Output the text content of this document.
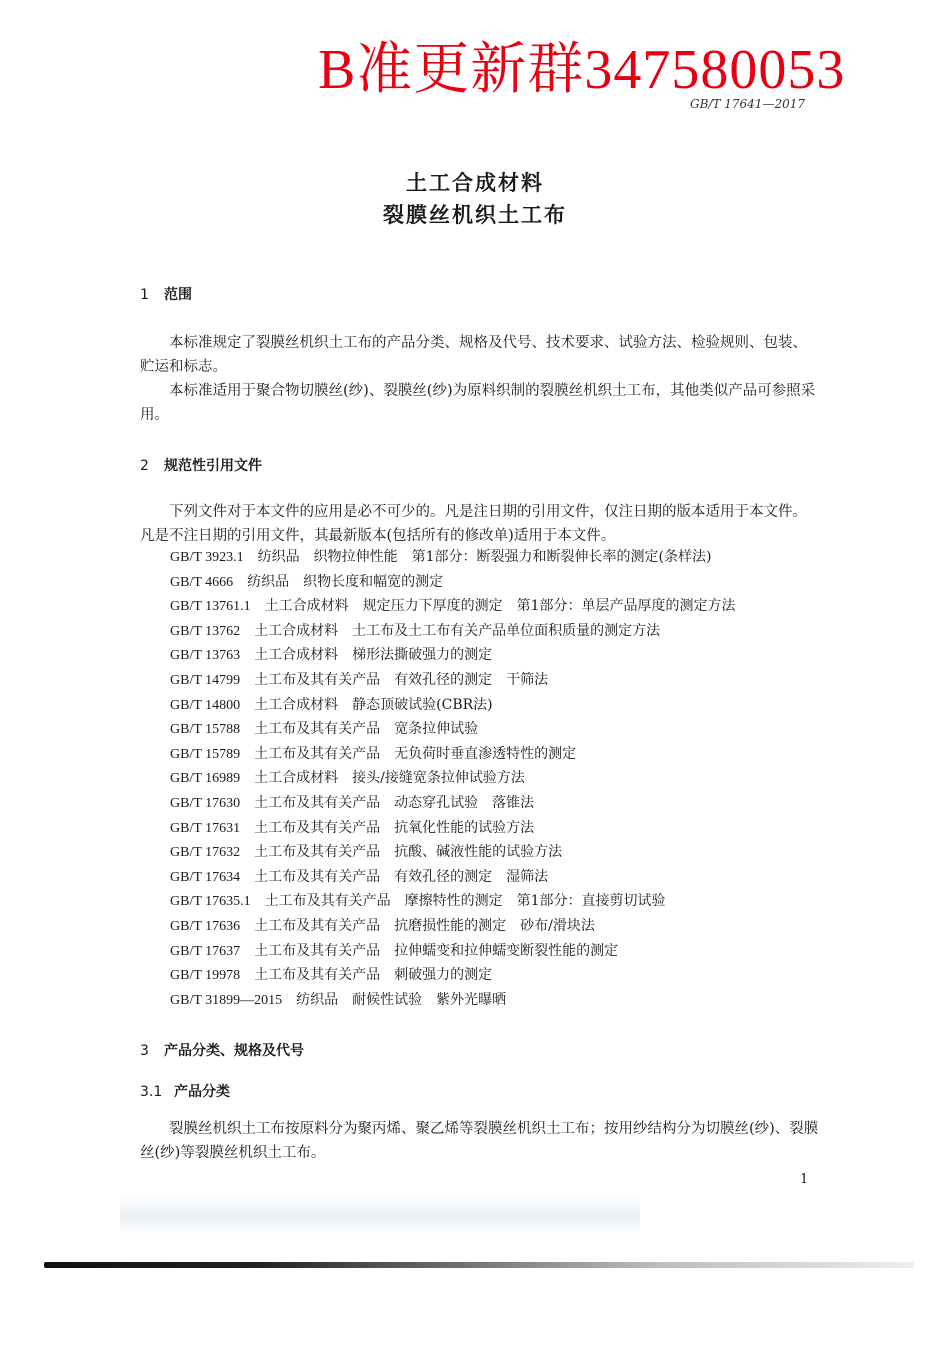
B准更新群347580053
GB/T 17641—2017
土工合成材料
裂膜丝机织土工布
1 范围

本标准规定了裂膜丝机织土工布的产品分类、规格及代号、技术要求、试验方法、检验规则、包装、贮运和标志。

本标准适用于聚合物切膜丝(纱)、裂膜丝(纱)为原料织制的裂膜丝机织土工布，其他类似产品可参照采用。

2 规范性引用文件

下列文件对于本文件的应用是必不可少的。凡是注日期的引用文件，仅注日期的版本适用于本文件。凡是不注日期的引用文件，其最新版本(包括所有的修改单)适用于本文件。

GB/T 3923.1 纺织品　织物拉伸性能　第1部分：断裂强力和断裂伸长率的测定(条样法)
GB/T 4666 纺织品　织物长度和幅宽的测定
GB/T 13761.1 土工合成材料　规定压力下厚度的测定　第1部分：单层产品厚度的测定方法
GB/T 13762 土工合成材料　土工布及土工布有关产品单位面积质量的测定方法
GB/T 13763 土工合成材料　梯形法撕破强力的测定
GB/T 14799 土工布及其有关产品　有效孔径的测定　干筛法
GB/T 14800 土工合成材料　静态顶破试验(CBR法)
GB/T 15788 土工布及其有关产品　宽条拉伸试验
GB/T 15789 土工布及其有关产品　无负荷时垂直渗透特性的测定
GB/T 16989 土工合成材料　接头/接缝宽条拉伸试验方法
GB/T 17630 土工布及其有关产品　动态穿孔试验　落锥法
GB/T 17631 土工布及其有关产品　抗氧化性能的试验方法
GB/T 17632 土工布及其有关产品　抗酸、碱液性能的试验方法
GB/T 17634 土工布及其有关产品　有效孔径的测定　湿筛法
GB/T 17635.1 土工布及其有关产品　摩擦特性的测定　第1部分：直接剪切试验
GB/T 17636 土工布及其有关产品　抗磨损性能的测定　砂布/滑块法
GB/T 17637 土工布及其有关产品　拉伸蠕变和拉伸蠕变断裂性能的测定
GB/T 19978 土工布及其有关产品　刺破强力的测定
GB/T 31899—2015 纺织品　耐候性试验　紫外光曝晒
3 产品分类、规格及代号
3.1 产品分类

裂膜丝机织土工布按原料分为聚丙烯、聚乙烯等裂膜丝机织土工布；按用纱结构分为切膜丝(纱)、裂膜丝(纱)等裂膜丝机织土工布。

1
